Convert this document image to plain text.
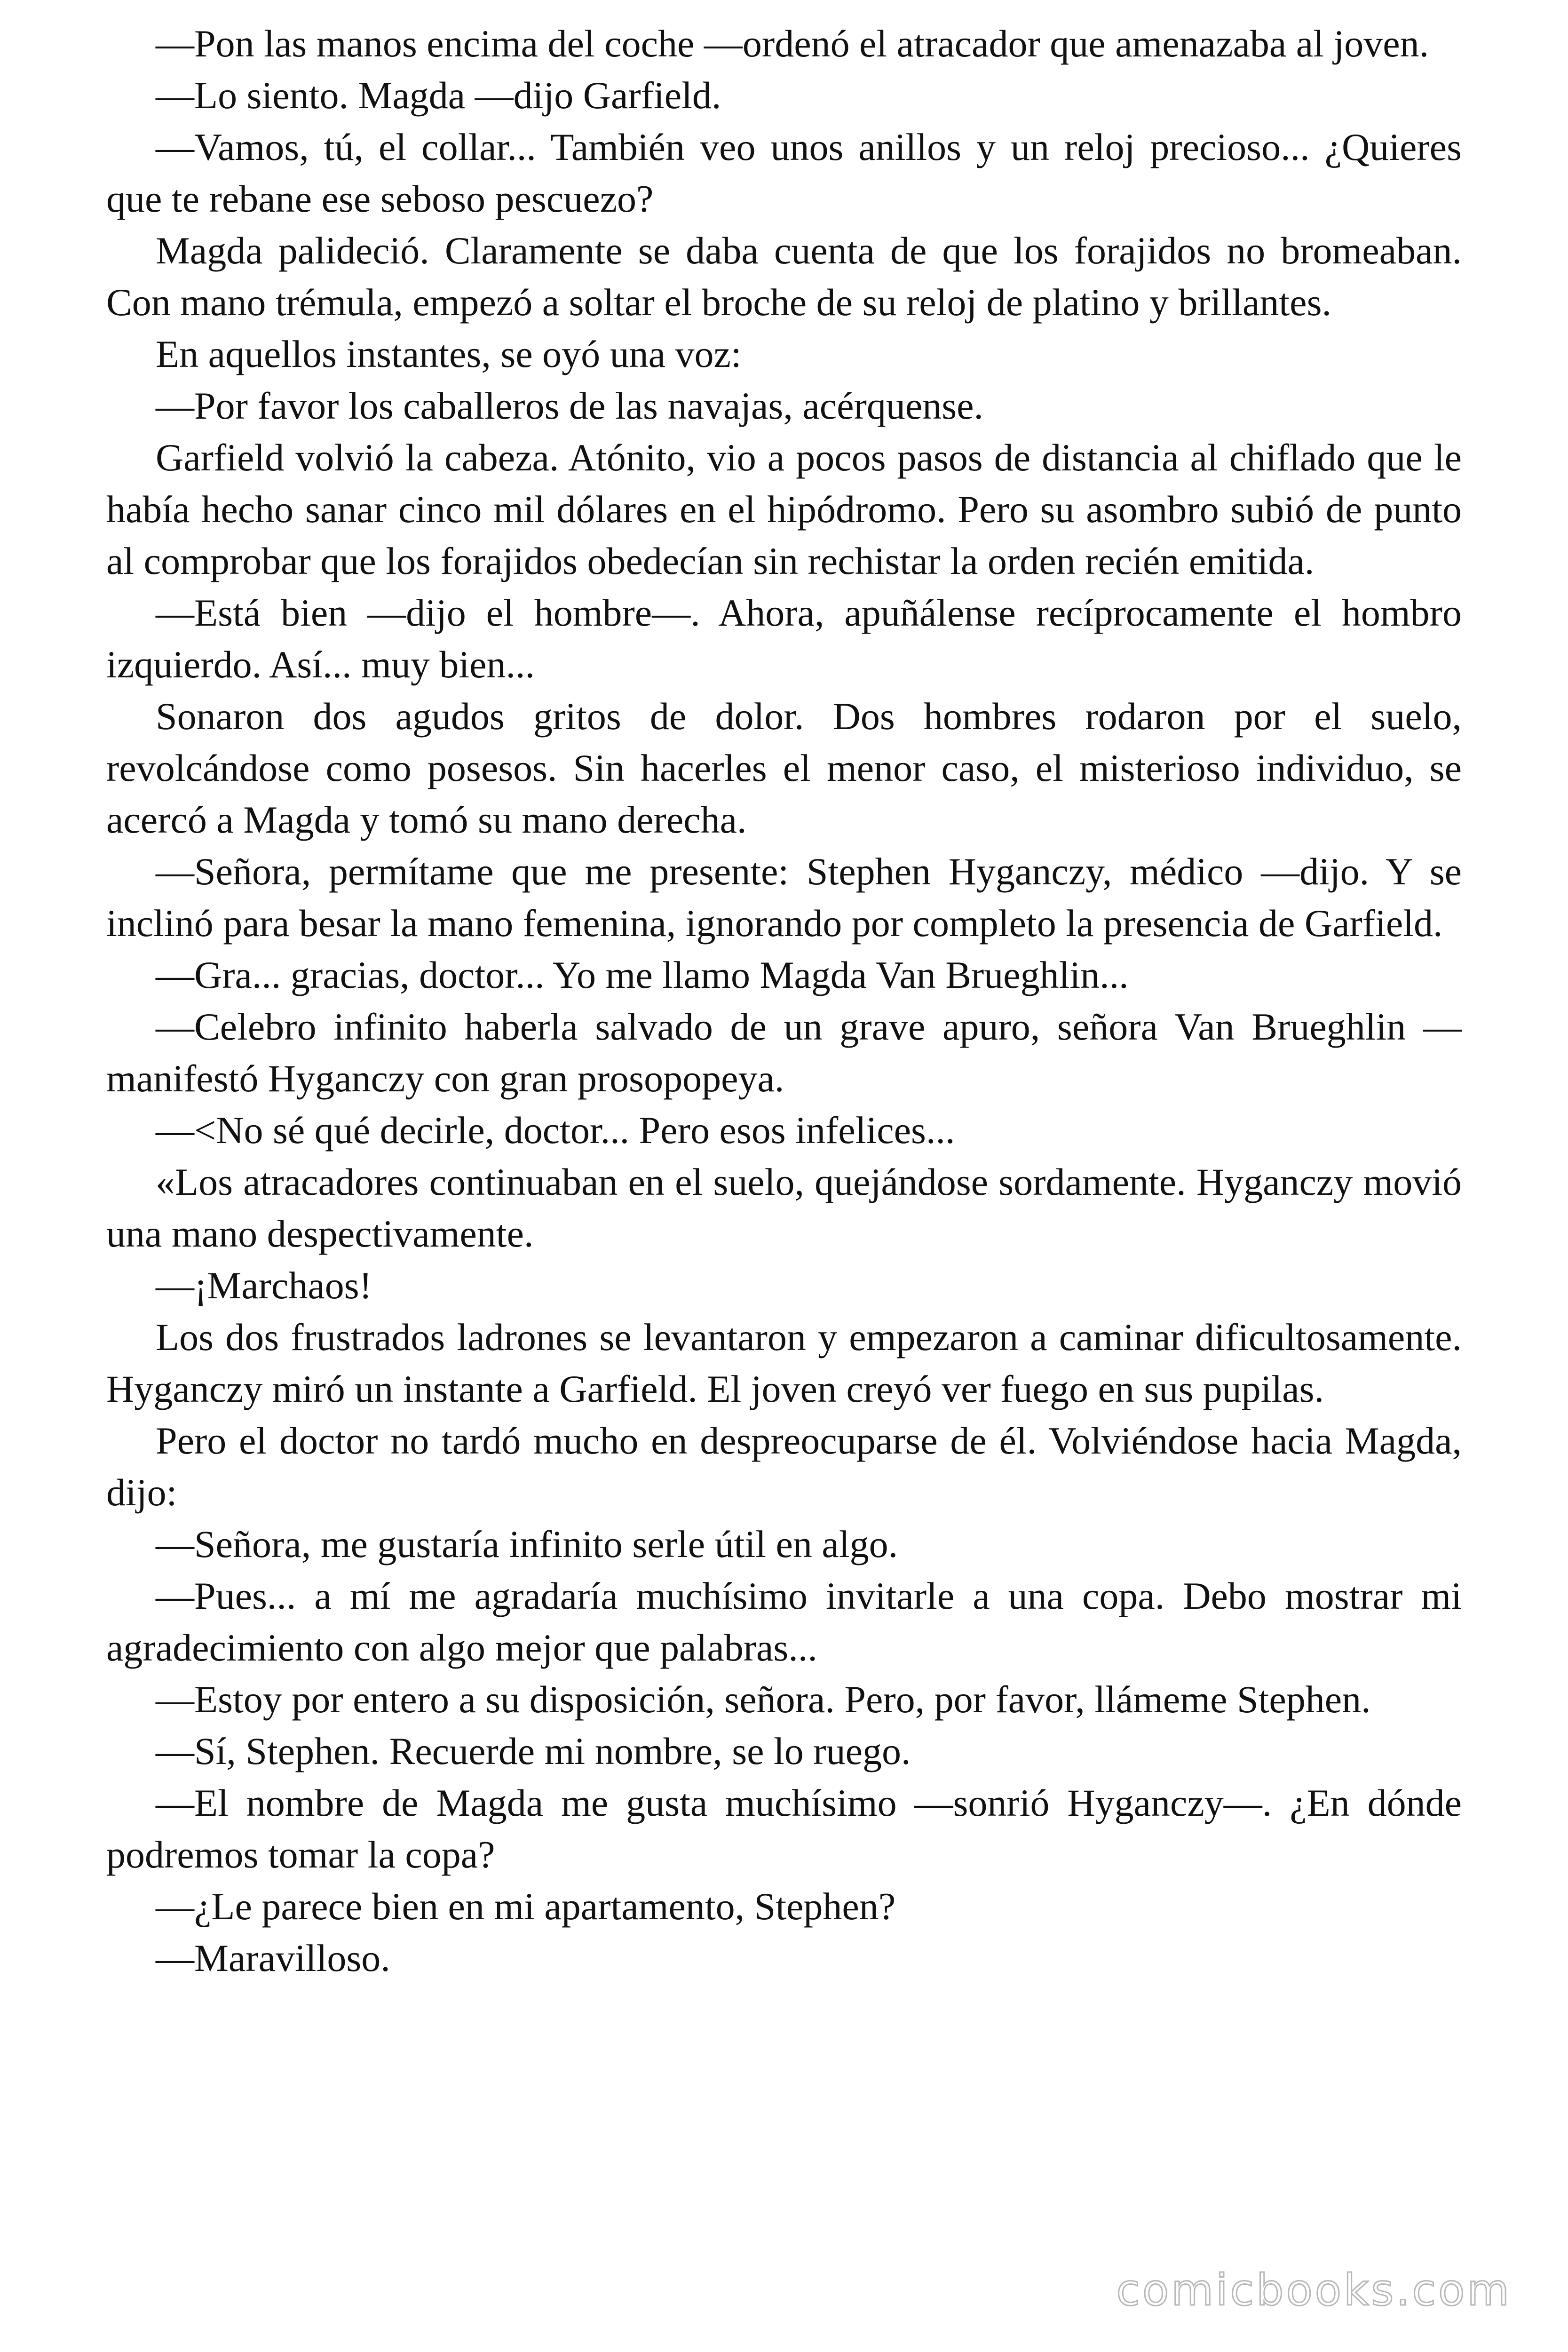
—Pon las manos encima del coche —ordenó el atracador que amenazaba al joven.

—Lo siento. Magda —dijo Garfield.

—Vamos, tú, el collar... También veo unos anillos y un reloj precioso... ¿Quieres que te rebane ese seboso pescuezo?

Magda palideció. Claramente se daba cuenta de que los forajidos no bromeaban. Con mano trémula, empezó a soltar el broche de su reloj de platino y brillantes.

En aquellos instantes, se oyó una voz:

—Por favor los caballeros de las navajas, acérquense.

Garfield volvió la cabeza. Atónito, vio a pocos pasos de distancia al chiflado que le había hecho sanar cinco mil dólares en el hipódromo. Pero su asombro subió de punto al comprobar que los forajidos obedecían sin rechistar la orden recién emitida.

—Está bien —dijo el hombre—. Ahora, apuñálense recíprocamente el hombro izquierdo. Así... muy bien...

Sonaron dos agudos gritos de dolor. Dos hombres rodaron por el suelo, revolcándose como posesos. Sin hacerles el menor caso, el misterioso individuo, se acercó a Magda y tomó su mano derecha.

—Señora, permítame que me presente: Stephen Hyganczy, médico —dijo. Y se inclinó para besar la mano femenina, ignorando por completo la presencia de Garfield.

—Gra... gracias, doctor... Yo me llamo Magda Van Brueghlin...

—Celebro infinito haberla salvado de un grave apuro, señora Van Brueghlin —manifestó Hyganczy con gran prosopopeya.

—<No sé qué decirle, doctor... Pero esos infelices...

«Los atracadores continuaban en el suelo, quejándose sordamente. Hyganczy movió una mano despectivamente.

—¡Marchaos!

Los dos frustrados ladrones se levantaron y empezaron a caminar dificultosamente. Hyganczy miró un instante a Garfield. El joven creyó ver fuego en sus pupilas.

Pero el doctor no tardó mucho en despreocuparse de él. Volviéndose hacia Magda, dijo:

—Señora, me gustaría infinito serle útil en algo.

—Pues... a mí me agradaría muchísimo invitarle a una copa. Debo mostrar mi agradecimiento con algo mejor que palabras...

—Estoy por entero a su disposición, señora. Pero, por favor, llámeme Stephen.

—Sí, Stephen. Recuerde mi nombre, se lo ruego.

—El nombre de Magda me gusta muchísimo —sonrió Hyganczy—. ¿En dónde podremos tomar la copa?

—¿Le parece bien en mi apartamento, Stephen?

—Maravilloso.

comicbooks.com
